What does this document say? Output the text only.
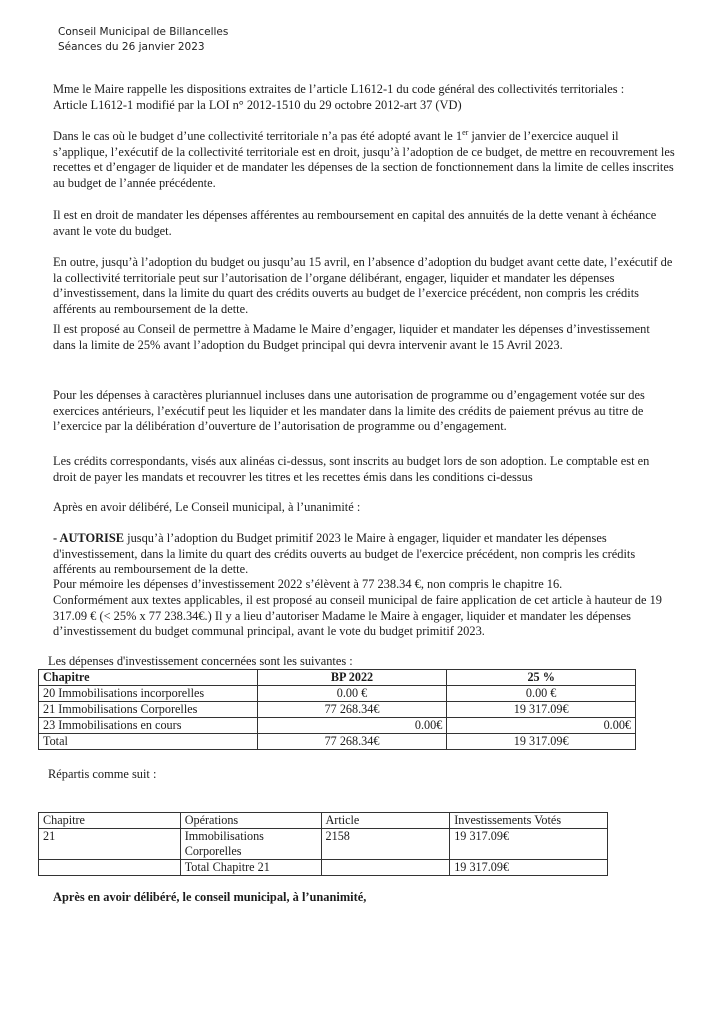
Conseil Municipal de Billancelles
Séances du 26 janvier 2023

Mme le Maire rappelle les dispositions extraites de l’article L1612-1 du code général des collectivités territoriales :
Article L1612-1 modifié par la LOI n° 2012-1510 du 29 octobre 2012-art 37 (VD)

Dans le cas où le budget d’une collectivité territoriale n’a pas été adopté avant le 1er janvier de l’exercice auquel il s’applique, l’exécutif de la collectivité territoriale est en droit, jusqu’à l’adoption de ce budget, de mettre en recouvrement les recettes et d’engager de liquider et de mandater les dépenses de la section de fonctionnement dans la limite de celles inscrites au budget de l’année précédente.

Il est en droit de mandater les dépenses afférentes au remboursement en capital des annuités de la dette venant à échéance avant le vote du budget.

En outre, jusqu’à l’adoption du budget ou jusqu’au 15 avril, en l’absence d’adoption du budget avant cette date, l’exécutif de la collectivité territoriale peut sur l’autorisation de l’organe délibérant, engager, liquider et mandater les dépenses d’investissement, dans la limite du quart des crédits ouverts au budget de l’exercice précédent, non compris les crédits afférents au remboursement de la dette.

Il est proposé au Conseil de permettre à Madame le Maire d’engager, liquider et mandater les dépenses d’investissement dans la limite de 25% avant l’adoption du Budget principal qui devra intervenir avant le 15 Avril 2023.

Pour les dépenses à caractères pluriannuel incluses dans une autorisation de programme ou d’engagement votée sur des exercices antérieurs, l’exécutif peut les liquider et les mandater dans la limite des crédits de paiement prévus au titre de l’exercice par la délibération d’ouverture de l’autorisation de programme ou d’engagement.

Les crédits correspondants, visés aux alinéas ci-dessus, sont inscrits au budget lors de son adoption. Le comptable est en droit de payer les mandats et recouvrer les titres et les recettes émis dans les conditions ci-dessus

Après en avoir délibéré, Le Conseil municipal, à l’unanimité :

- AUTORISE jusqu’à l’adoption du Budget primitif 2023 le Maire à engager, liquider et mandater les dépenses d'investissement, dans la limite du quart des crédits ouverts au budget de l'exercice précédent, non compris les crédits afférents au remboursement de la dette.

Pour mémoire les dépenses d’investissement 2022 s’élèvent à 77 238.34 €, non compris le chapitre 16.

Conformément aux textes applicables, il est proposé au conseil municipal de faire application de cet article à hauteur de 19 317.09 € (< 25% x 77 238.34€.) Il y a lieu d’autoriser Madame le Maire à engager, liquider et mandater les dépenses d’investissement du budget communal principal, avant le vote du budget primitif 2023.

Les dépenses d'investissement concernées sont les suivantes :

Chapitre	BP 2022	25 %
20 Immobilisations incorporelles	0.00 €	0.00 €
21 Immobilisations Corporelles	77 268.34€	19 317.09€
23 Immobilisations en cours	0.00€	0.00€
Total	77 268.34€	19 317.09€

Répartis comme suit :

Chapitre	Opérations	Article	Investissements Votés
21	Immobilisations Corporelles	2158	19 317.09€
	Total Chapitre 21		19 317.09€

Après en avoir délibéré, le conseil municipal, à l’unanimité,
